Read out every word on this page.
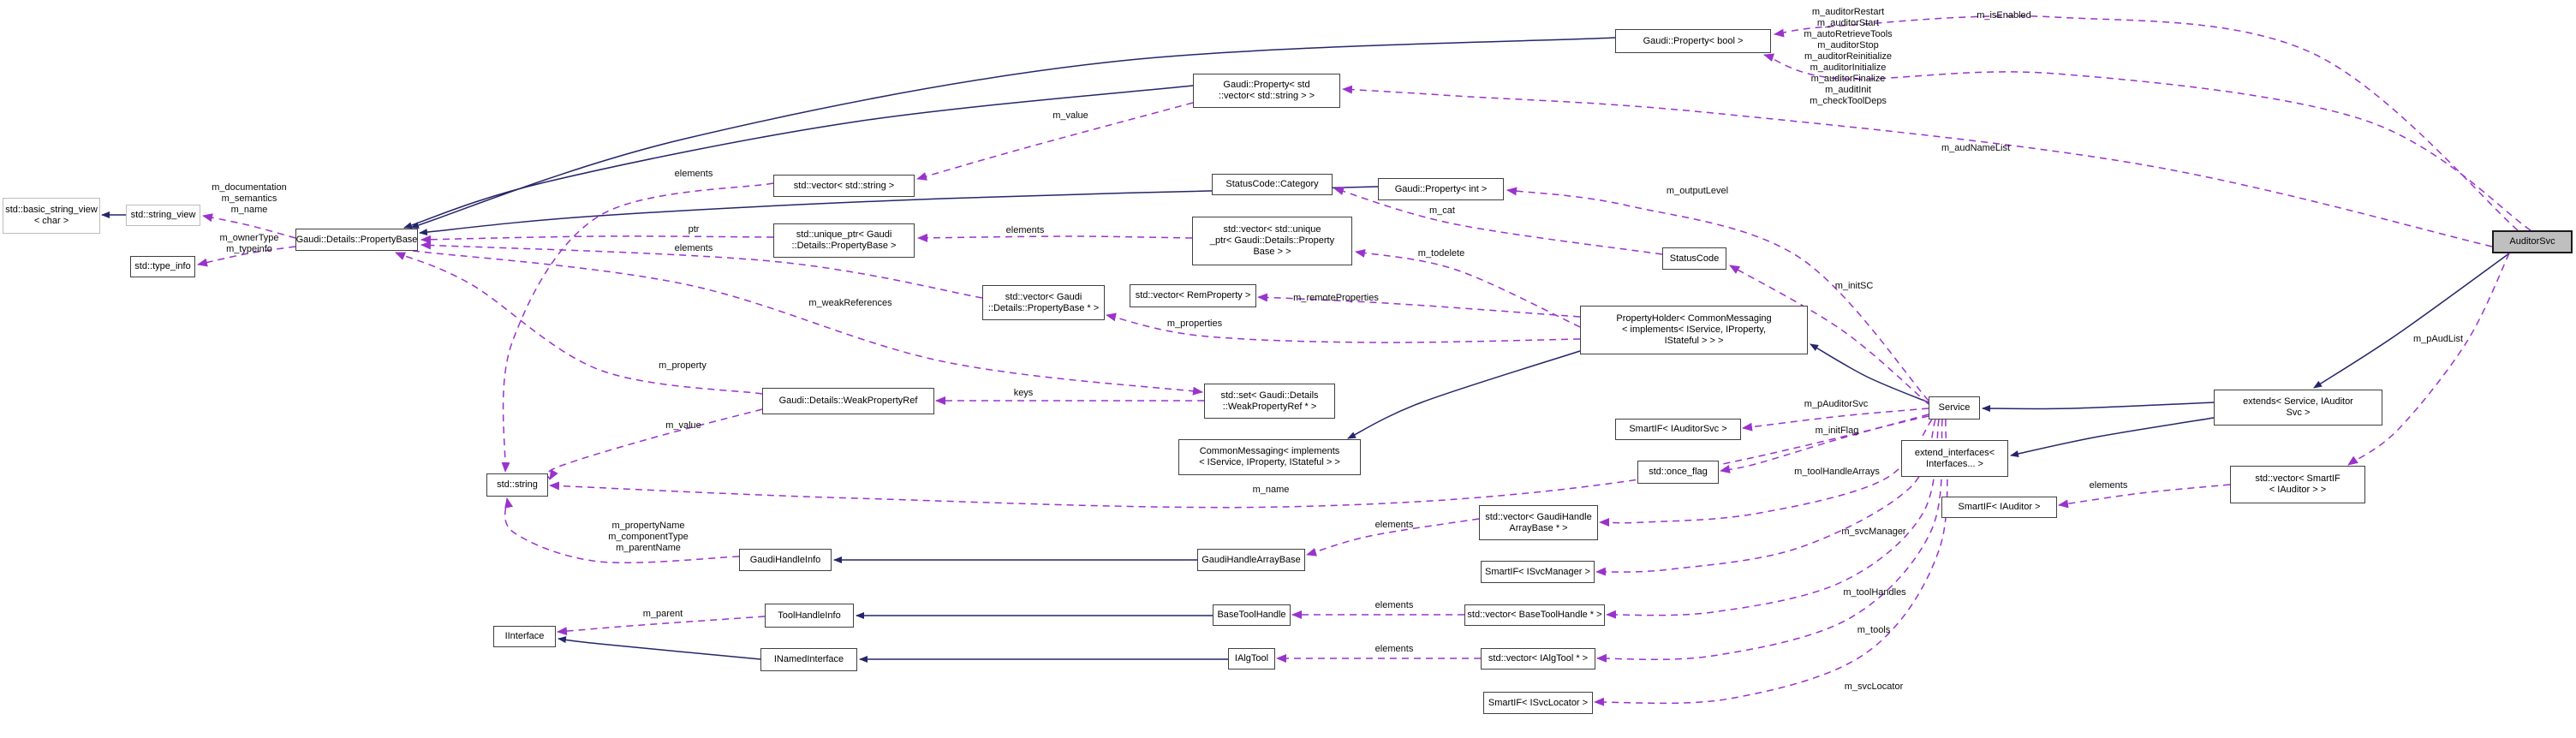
std::basic_string_view
< char >
std::string_view
std::type_info
Gaudi::Details::PropertyBase
std::vector< std::string >
std::unique_ptr< Gaudi
::Details::PropertyBase >
Gaudi::Property< std
::vector< std::string > >
Gaudi::Property< bool >
StatusCode::Category	Gaudi::Property< int >
std::vector< std::unique
_ptr< Gaudi::Details::Property
Base > >
StatusCode
PropertyHolder< CommonMessaging
< implements< IService, IProperty,
IStateful > > >
std::vector< Gaudi
::Details::PropertyBase * >
std::vector< RemProperty >
Gaudi::Details::WeakPropertyRef
std::set< Gaudi::Details
::WeakPropertyRef * >
CommonMessaging< implements
< IService, IProperty, IStateful > >
std::string
Service
SmartIF< IAuditorSvc >
std::once_flag
extend_interfaces<
Interfaces... >
SmartIF< IAuditor >
extends< Service, IAuditor
Svc >
std::vector< SmartIF
< IAuditor > >
AuditorSvc
GaudiHandleInfo	GaudiHandleArrayBase
std::vector< GaudiHandle
ArrayBase * >
SmartIF< ISvcManager >
ToolHandleInfo
IInterface
INamedInterface
BaseToolHandle	std::vector< BaseToolHandle * >
IAlgTool	std::vector< IAlgTool * >
SmartIF< ISvcLocator >
m_documentation
m_semantics
m_name
m_ownerType
m_typeinfo
m_value
elements
ptr
elements
elements
m_cat
m_outputLevel
m_todelete
m_initSC
m_auditorRestart
m_auditorStart
m_autoRetrieveTools
m_auditorStop
m_auditorReinitialize
m_auditorInitialize
m_auditorFinalize
m_auditInit
m_checkToolDeps
m_isEnabled
m_audNameList
m_weakReferences
m_properties
m_remoteProperties
m_property
m_value
keys
m_name
m_propertyName
m_componentType
m_parentName
m_pAuditorSvc
m_initFlag
m_toolHandleArrays
m_svcManager
m_toolHandles
m_tools
m_svcLocator
elements
elements
elements
elements
m_parent
m_pAudList
